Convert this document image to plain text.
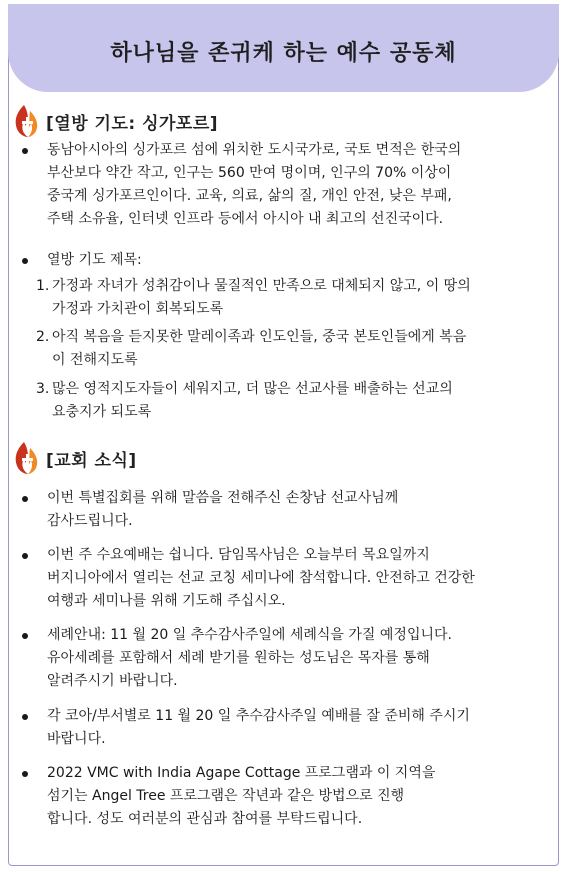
하나님을 존귀케 하는 예수 공동체
[열방 기도: 싱가포르]
동남아시아의 싱가포르 섬에 위치한 도시국가로, 국토 면적은 한국의
부산보다 약간 작고, 인구는 560 만여 명이며, 인구의 70% 이상이
중국계 싱가포르인이다. 교육, 의료, 삶의 질, 개인 안전, 낮은 부패,
주택 소유율, 인터넷 인프라 등에서 아시아 내 최고의 선진국이다.
열방 기도 제목:
1. 가정과 자녀가 성취감이나 물질적인 만족으로 대체되지 않고, 이 땅의
가정과 가치관이 회복되도록
2. 아직 복음을 듣지못한 말레이족과 인도인들, 중국 본토인들에게 복음
이 전해지도록
3. 많은 영적지도자들이 세워지고, 더 많은 선교사를 배출하는 선교의
요충지가 되도록
[교회 소식]
이번 특별집회를 위해 말씀을 전해주신 손창남 선교사님께
감사드립니다.
이번 주 수요예배는 쉽니다. 담임목사님은 오늘부터 목요일까지
버지니아에서 열리는 선교 코칭 세미나에 참석합니다. 안전하고 건강한
여행과 세미나를 위해 기도해 주십시오.
세례안내: 11 월 20 일 추수감사주일에 세례식을 가질 예정입니다.
유아세례를 포함해서 세례 받기를 원하는 성도님은 목자를 통해
알려주시기 바랍니다.
각 코아/부서별로 11 월 20 일 추수감사주일 예배를 잘 준비해 주시기
바랍니다.
2022 VMC with India Agape Cottage 프로그램과 이 지역을
섬기는 Angel Tree 프로그램은 작년과 같은 방법으로 진행
합니다. 성도 여러분의 관심과 참여를 부탁드립니다.
